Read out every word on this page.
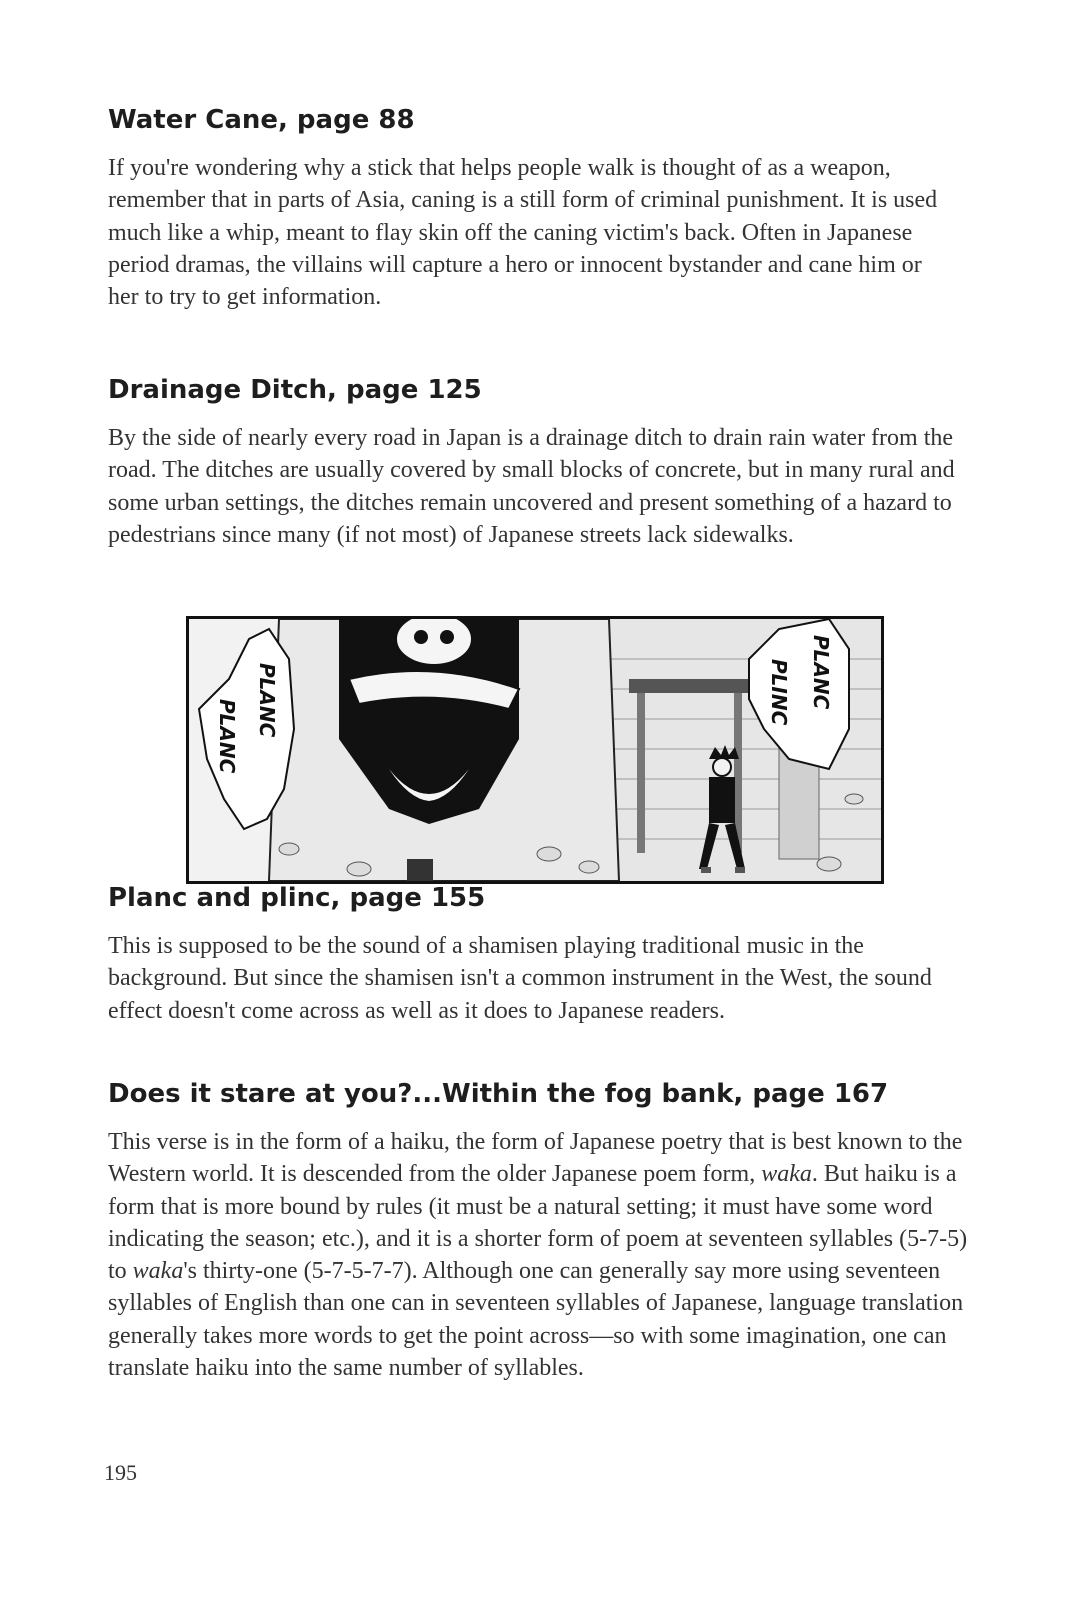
Water Cane, page 88

If you're wondering why a stick that helps people walk is thought of as a weapon, remember that in parts of Asia, caning is a still form of criminal punishment. It is used much like a whip, meant to flay skin off the caning victim's back. Often in Japanese period dramas, the villains will capture a hero or innocent bystander and cane him or her to try to get information.

Drainage Ditch, page 125

By the side of nearly every road in Japan is a drainage ditch to drain rain water from the road. The ditches are usually covered by small blocks of concrete, but in many rural and some urban settings, the ditches remain uncovered and present something of a hazard to pedestrians since many (if not most) of Japanese streets lack sidewalks.

PLANC PLANC	PLINC PLANC
Planc and plinc, page 155

This is supposed to be the sound of a shamisen playing traditional music in the background. But since the shamisen isn't a common instrument in the West, the sound effect doesn't come across as well as it does to Japanese readers.

Does it stare at you?...Within the fog bank, page 167

This verse is in the form of a haiku, the form of Japanese poetry that is best known to the Western world. It is descended from the older Japanese poem form, waka. But haiku is a form that is more bound by rules (it must be a natural setting; it must have some word indicating the season; etc.), and it is a shorter form of poem at seventeen syllables (5-7-5) to waka's thirty-one (5-7-5-7-7). Although one can generally say more using seventeen syllables of English than one can in seventeen syllables of Japanese, language translation generally takes more words to get the point across—so with some imagination, one can translate haiku into the same number of syllables.

195
